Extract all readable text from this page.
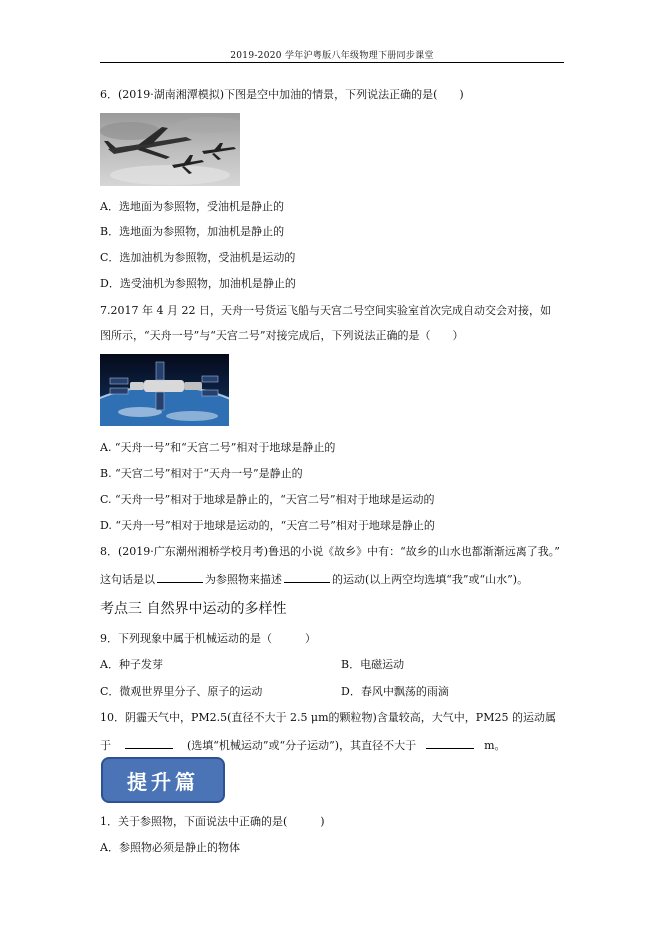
2019-2020 学年沪粤版八年级物理下册同步课堂
6．(2019·湖南湘潭模拟)下图是空中加油的情景，下列说法正确的是(　　)
A．选地面为参照物，受油机是静止的
B．选地面为参照物，加油机是静止的
C．选加油机为参照物，受油机是运动的
D．选受油机为参照物，加油机是静止的
7.2017 年 4 月 22 日，天舟一号货运飞船与天宫二号空间实验室首次完成自动交会对接，如
图所示，“天舟一号”与“天宫二号”对接完成后，下列说法正确的是（　　）
A. “天舟一号”和“天宫二号”相对于地球是静止的
B. “天宫二号”相对于“天舟一号”是静止的
C. “天舟一号”相对于地球是静止的，“天宫二号”相对于地球是运动的
D. “天舟一号”相对于地球是运动的，“天宫二号”相对于地球是静止的
8．(2019·广东潮州湘桥学校月考)鲁迅的小说《故乡》中有：“故乡的山水也都渐渐远离了我。”
这句话是以	为参照物来描述	的运动(以上两空均选填“我”或“山水”)。
考点三 自然界中运动的多样性
9．下列现象中属于机械运动的是（　　　）
A．种子发芽	B．电磁运动
C．微观世界里分子、原子的运动	D．春风中飘荡的雨滴
10．阴霾天气中，PM2.5(直径不大于 2.5 μm的颗粒物)含量较高，大气中，PM25 的运动属
于	(选填“机械运动”或“分子运动”)，其直径不大于	m。
提升篇
1．关于参照物，下面说法中正确的是(　　　)
A．参照物必须是静止的物体
